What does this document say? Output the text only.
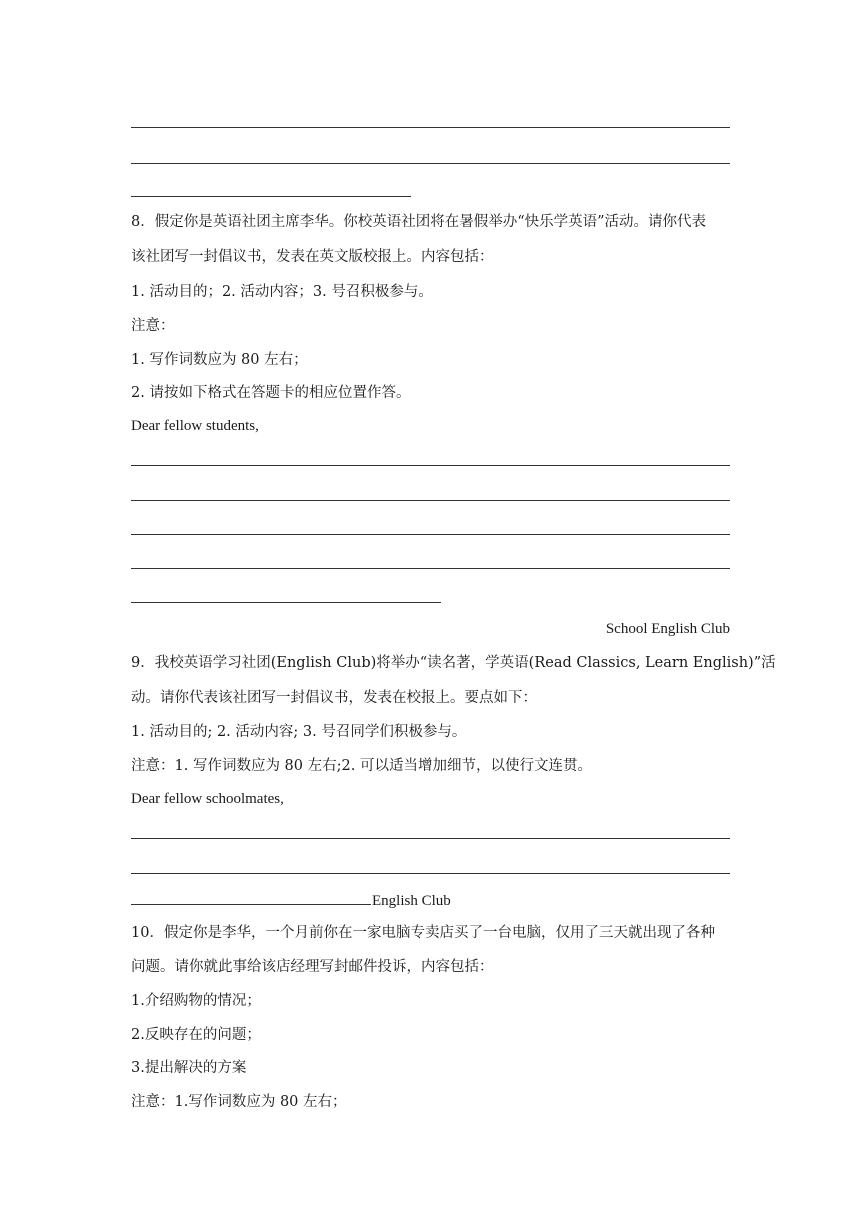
8．假定你是英语社团主席李华。你校英语社团将在暑假举办“快乐学英语”活动。请你代表
该社团写一封倡议书，发表在英文版校报上。内容包括：
1. 活动目的；2. 活动内容；3. 号召积极参与。
注意：
1. 写作词数应为 80 左右；
2. 请按如下格式在答题卡的相应位置作答。
Dear fellow students,
School English Club
9．我校英语学习社团(English Club)将举办“读名著，学英语(Read Classics, Learn English)”活
动。请你代表该社团写一封倡议书，发表在校报上。要点如下：
1. 活动目的; 2. 活动内容; 3. 号召同学们积极参与。
注意：1. 写作词数应为 80 左右;2. 可以适当增加细节，以使行文连贯。
Dear fellow schoolmates,
English Club
10．假定你是李华，一个月前你在一家电脑专卖店买了一台电脑，仅用了三天就出现了各种
问题。请你就此事给该店经理写封邮件投诉，内容包括：
1.介绍购物的情况；
2.反映存在的问题；
3.提出解决的方案
注意：1.写作词数应为 80 左右；
